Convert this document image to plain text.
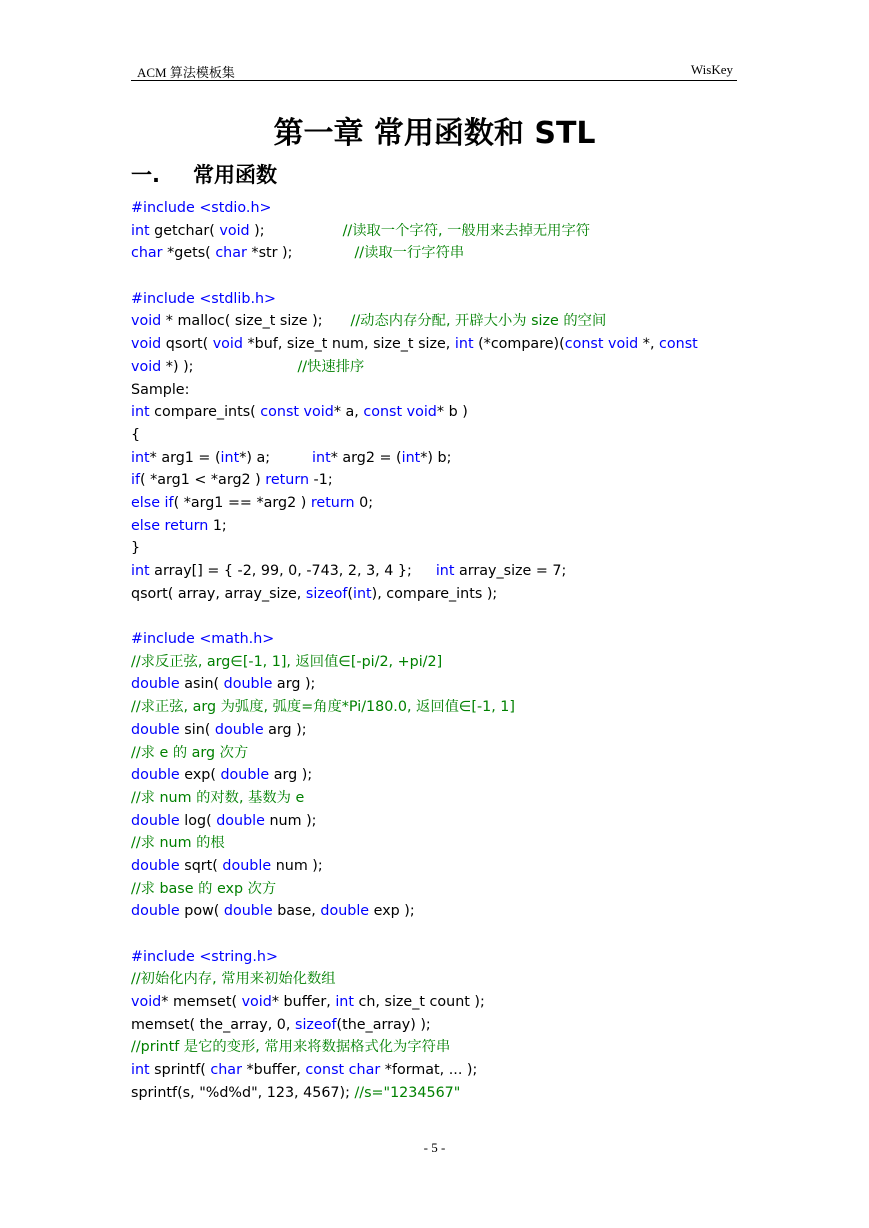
ACM 算法模板集	WisKey
第一章 常用函数和 STL
一. 常用函数
#include <stdio.h>
int getchar( void );	//读取一个字符, 一般用来去掉无用字符
char *gets( char *str );	//读取一行字符串
#include <stdlib.h>
void * malloc( size_t size ); //动态内存分配, 开辟大小为 size 的空间
void qsort( void *buf, size_t num, size_t size, int (*compare)(const void *, const
void *) );	//快速排序
Sample:
int compare_ints( const void* a, const void* b )
{
int* arg1 = (int*) a;	int* arg2 = (int*) b;
if( *arg1 < *arg2 ) return -1;
else if( *arg1 == *arg2 ) return 0;
else return 1;
}
int array[] = { -2, 99, 0, -743, 2, 3, 4 }; int array_size = 7;
qsort( array, array_size, sizeof(int), compare_ints );
#include <math.h>
//求反正弦, arg∈[-1, 1], 返回值∈[-pi/2, +pi/2]
double asin( double arg );
//求正弦, arg 为弧度, 弧度=角度*Pi/180.0, 返回值∈[-1, 1]
double sin( double arg );
//求 e 的 arg 次方
double exp( double arg );
//求 num 的对数, 基数为 e
double log( double num );
//求 num 的根
double sqrt( double num );
//求 base 的 exp 次方
double pow( double base, double exp );
#include <string.h>
//初始化内存, 常用来初始化数组
void* memset( void* buffer, int ch, size_t count );
memset( the_array, 0, sizeof(the_array) );
//printf 是它的变形, 常用来将数据格式化为字符串
int sprintf( char *buffer, const char *format, ... );
sprintf(s, "%d%d", 123, 4567); //s="1234567"
- 5 -
